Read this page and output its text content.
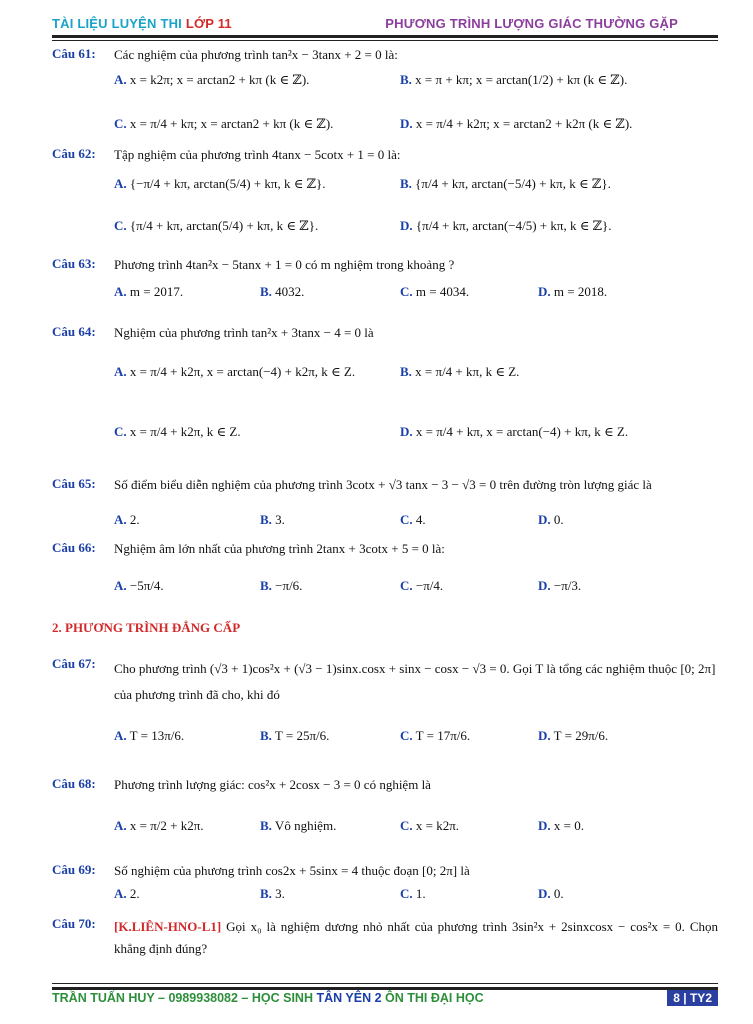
TÀI LIỆU LUYỆN THI LỚP 11	PHƯƠNG TRÌNH LƯỢNG GIÁC THƯỜNG GẶP
Câu 61: Các nghiệm của phương trình tan²x − 3tanx + 2 = 0 là:
A. x = k2π; x = arctan2 + kπ (k ∈ ℤ).	B. x = π + kπ; x = arctan(1/2) + kπ (k ∈ ℤ).
C. x = π/4 + kπ; x = arctan2 + kπ (k ∈ ℤ).	D. x = π/4 + k2π; x = arctan2 + k2π (k ∈ ℤ).
Câu 62: Tập nghiệm của phương trình 4tanx − 5cotx + 1 = 0 là:
A. {−π/4 + kπ, arctan(5/4) + kπ, k ∈ ℤ}.	B. {π/4 + kπ, arctan(−5/4) + kπ, k ∈ ℤ}.
C. {π/4 + kπ, arctan(5/4) + kπ, k ∈ ℤ}.	D. {π/4 + kπ, arctan(−4/5) + kπ, k ∈ ℤ}.
Câu 63: Phương trình 4tan²x − 5tanx + 1 = 0 có m nghiệm trong khoảng ?
A. m = 2017.	B. 4032.	C. m = 4034.	D. m = 2018.
Câu 64: Nghiệm của phương trình tan²x + 3tanx − 4 = 0 là
A. x = π/4 + k2π, x = arctan(−4) + k2π, k ∈ Z.	B. x = π/4 + kπ, k ∈ Z.
C. x = π/4 + k2π, k ∈ Z.	D. x = π/4 + kπ, x = arctan(−4) + kπ, k ∈ Z.
Câu 65: Số điểm biểu diễn nghiệm của phương trình 3cotx + √3 tanx − 3 − √3 = 0 trên đường tròn lượng giác là
A. 2.	B. 3.	C. 4.	D. 0.
Câu 66: Nghiệm âm lớn nhất của phương trình 2tanx + 3cotx + 5 = 0 là:
A. −5π/4.	B. −π/6.	C. −π/4.	D. −π/3.
2. PHƯƠNG TRÌNH ĐẲNG CẤP
Câu 67: Cho phương trình (√3 + 1)cos²x + (√3 − 1)sinx.cosx + sinx − cosx − √3 = 0. Gọi T là tổng các nghiệm thuộc [0; 2π] của phương trình đã cho, khi đó
A. T = 13π/6.	B. T = 25π/6.	C. T = 17π/6.	D. T = 29π/6.
Câu 68: Phương trình lượng giác: cos²x + 2cosx − 3 = 0 có nghiệm là
A. x = π/2 + k2π.	B. Vô nghiệm.	C. x = k2π.	D. x = 0.
Câu 69: Số nghiệm của phương trình cos2x + 5sinx = 4 thuộc đoạn [0; 2π] là
A. 2.	B. 3.	C. 1.	D. 0.
Câu 70: [K.LIÊN-HNO-L1] Gọi x₀ là nghiệm dương nhỏ nhất của phương trình 3sin²x + 2sinxcosx − cos²x = 0. Chọn khẳng định đúng?
TRẦN TUẤN HUY – 0989938082 – HỌC SINH TÂN YÊN 2 ÔN THI ĐẠI HỌC	8 | TY2
